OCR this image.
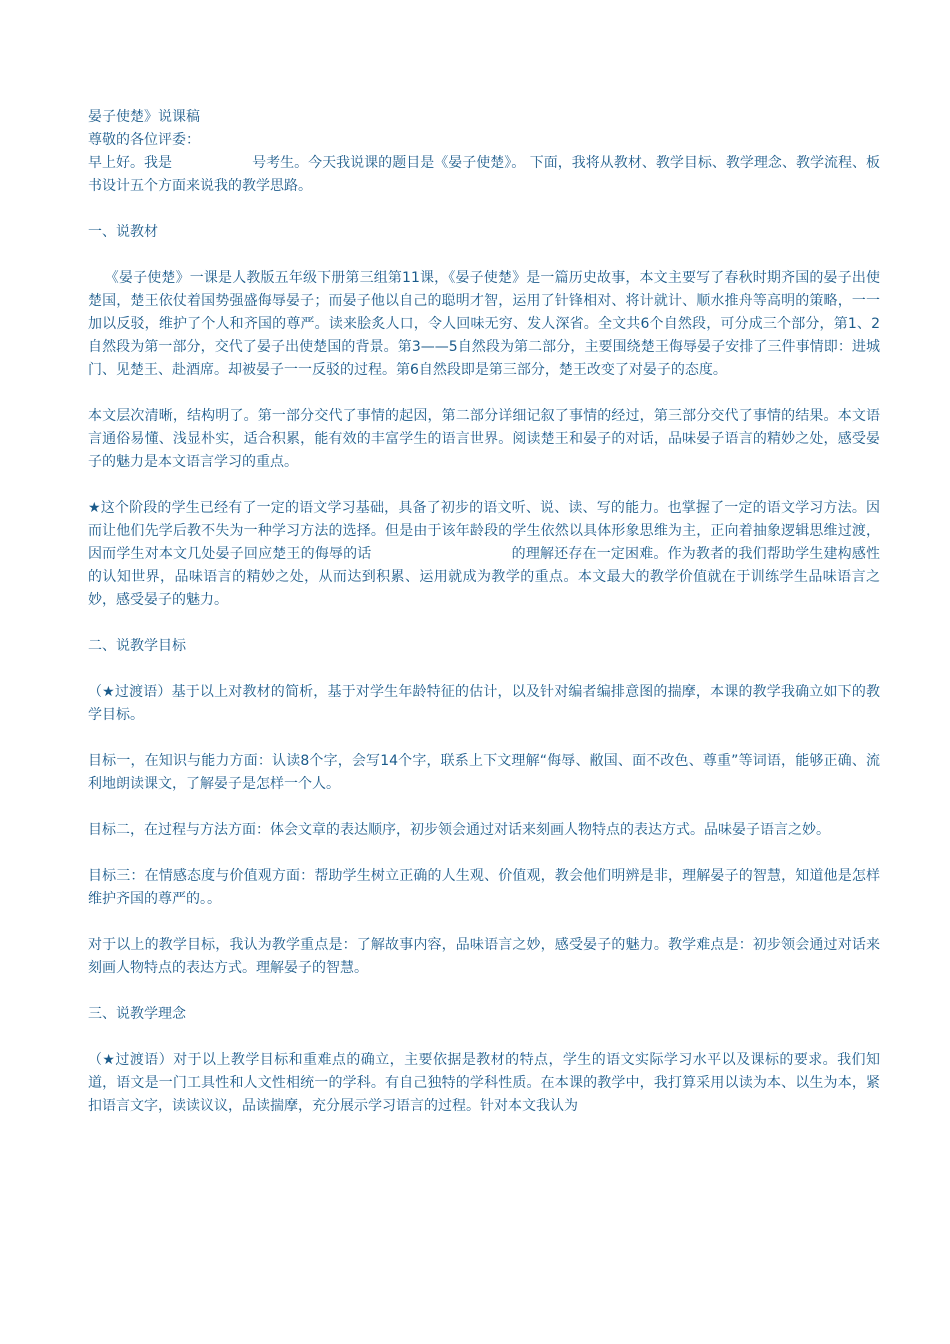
晏子使楚》说课稿

尊敬的各位评委：

早上好。我是	号考生。今天我说课的题目是《晏子使楚》。 下面，我将从教材、教学目标、教学理念、教学流程、板书设计五个方面来说我的教学思路。

一、说教材

《晏子使楚》一课是人教版五年级下册第三组第11课，《晏子使楚》是一篇历史故事，本文主要写了春秋时期齐国的晏子出使楚国，楚王依仗着国势强盛侮辱晏子；而晏子他以自己的聪明才智，运用了针锋相对、将计就计、顺水推舟等高明的策略，一一加以反驳，维护了个人和齐国的尊严。读来脍炙人口，令人回味无穷、发人深省。全文共6个自然段，可分成三个部分，第1、2自然段为第一部分，交代了晏子出使楚国的背景。第3——5自然段为第二部分，主要围绕楚王侮辱晏子安排了三件事情即：进城门、见楚王、赴酒席。却被晏子一一反驳的过程。第6自然段即是第三部分，楚王改变了对晏子的态度。

本文层次清晰，结构明了。第一部分交代了事情的起因，第二部分详细记叙了事情的经过，第三部分交代了事情的结果。本文语言通俗易懂、浅显朴实，适合积累，能有效的丰富学生的语言世界。阅读楚王和晏子的对话，品味晏子语言的精妙之处，感受晏子的魅力是本文语言学习的重点。

★这个阶段的学生已经有了一定的语文学习基础，具备了初步的语文听、说、读、写的能力。也掌握了一定的语文学习方法。因而让他们先学后教不失为一种学习方法的选择。但是由于该年龄段的学生依然以具体形象思维为主，正向着抽象逻辑思维过渡，因而学生对本文几处晏子回应楚王的侮辱的话	的理解还存在一定困难。作为教者的我们帮助学生建构感性的认知世界，品味语言的精妙之处，从而达到积累、运用就成为教学的重点。本文最大的教学价值就在于训练学生品味语言之妙，感受晏子的魅力。

二、说教学目标

（★过渡语）基于以上对教材的简析，基于对学生年龄特征的估计，以及针对编者编排意图的揣摩，本课的教学我确立如下的教学目标。

目标一，在知识与能力方面：认读8个字，会写14个字，联系上下文理解“侮辱、敝国、面不改色、尊重”等词语，能够正确、流利地朗读课文，了解晏子是怎样一个人。

目标二，在过程与方法方面：体会文章的表达顺序，初步领会通过对话来刻画人物特点的表达方式。品味晏子语言之妙。

目标三：在情感态度与价值观方面：帮助学生树立正确的人生观、价值观，教会他们明辨是非，理解晏子的智慧，知道他是怎样维护齐国的尊严的。。

对于以上的教学目标，我认为教学重点是：了解故事内容，品味语言之妙，感受晏子的魅力。教学难点是：初步领会通过对话来刻画人物特点的表达方式。理解晏子的智慧。

三、说教学理念

（★过渡语）对于以上教学目标和重难点的确立，主要依据是教材的特点，学生的语文实际学习水平以及课标的要求。我们知道，语文是一门工具性和人文性相统一的学科。有自己独特的学科性质。在本课的教学中，我打算采用以读为本、以生为本，紧扣语言文字，读读议议，品读揣摩，充分展示学习语言的过程。针对本文我认为
